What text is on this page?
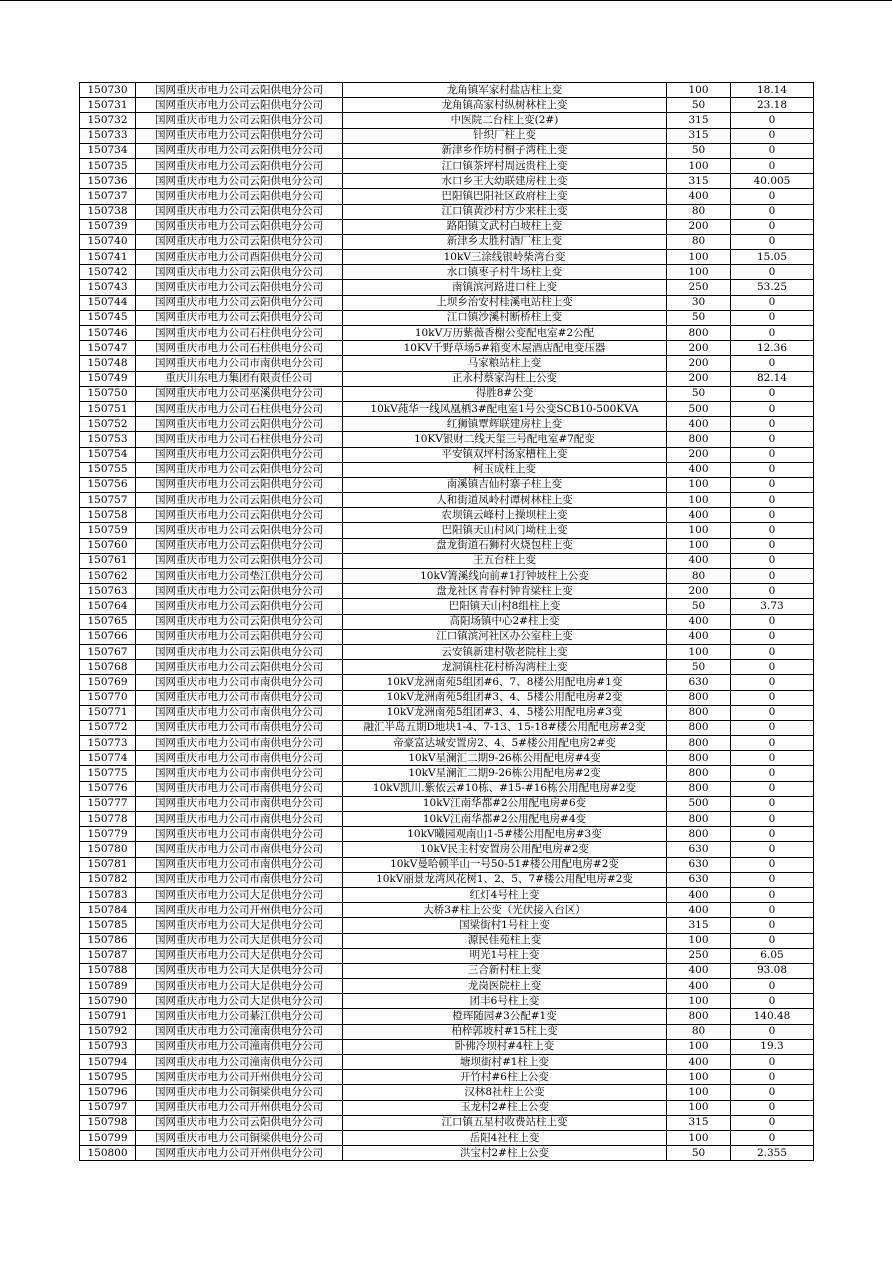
150730	国网重庆市电力公司云阳供电分公司	龙角镇军家村盐店柱上变	100	18.14
150731	国网重庆市电力公司云阳供电分公司	龙角镇高家村纵树林柱上变	50	23.18
150732	国网重庆市电力公司云阳供电分公司	中医院二台柱上变(2#)	315	0
150733	国网重庆市电力公司云阳供电分公司	针织厂柱上变	315	0
150734	国网重庆市电力公司云阳供电分公司	新津乡作坊村桐子湾柱上变	50	0
150735	国网重庆市电力公司云阳供电分公司	江口镇茶坪村周远贵柱上变	100	0
150736	国网重庆市电力公司云阳供电分公司	水口乡王大幼联建房柱上变	315	40.005
150737	国网重庆市电力公司云阳供电分公司	巴阳镇巴阳社区政府柱上变	400	0
150738	国网重庆市电力公司云阳供电分公司	江口镇黄沙村方少来柱上变	80	0
150739	国网重庆市电力公司云阳供电分公司	路阳镇文武村白坡柱上变	200	0
150740	国网重庆市电力公司云阳供电分公司	新津乡太胜村酒厂柱上变	80	0
150741	国网重庆市电力公司酉阳供电分公司	10kV三涂线银岭柴湾台变	100	15.05
150742	国网重庆市电力公司云阳供电分公司	水口镇枣子村牛场柱上变	100	0
150743	国网重庆市电力公司云阳供电分公司	南镇滨河路进口柱上变	250	53.25
150744	国网重庆市电力公司云阳供电分公司	上坝乡治安村桂溪电站柱上变	30	0
150745	国网重庆市电力公司云阳供电分公司	江口镇沙溪村断桥柱上变	50	0
150746	国网重庆市电力公司石柱供电分公司	10kV万历紫薇香榭公变配电室#2公配	800	0
150747	国网重庆市电力公司石柱供电分公司	10KV千野草场5#箱变木屋酒店配电变压器	200	12.36
150748	国网重庆市电力公司市南供电分公司	马家粮站柱上变	200	0
150749	重庆川东电力集团有限责任公司	正永村蔡家沟柱上公变	200	82.14
150750	国网重庆市电力公司巫溪供电分公司	得胜8#公变	50	0
150751	国网重庆市电力公司石柱供电分公司	10kV莼华一线风凰栖3#配电室1号公变SCB10-500KVA	500	0
150752	国网重庆市电力公司云阳供电分公司	红狮镇覃辉联建房柱上变	400	0
150753	国网重庆市电力公司石柱供电分公司	10KV银财二线天玺三号配电室#7配变	800	0
150754	国网重庆市电力公司云阳供电分公司	平安镇双坪村汤家槽柱上变	200	0
150755	国网重庆市电力公司云阳供电分公司	柯玉成柱上变	400	0
150756	国网重庆市电力公司云阳供电分公司	南溪镇吉仙村寨子柱上变	100	0
150757	国网重庆市电力公司云阳供电分公司	人和街道凤岭村谭树林柱上变	100	0
150758	国网重庆市电力公司云阳供电分公司	农坝镇云峰村上操坝柱上变	400	0
150759	国网重庆市电力公司云阳供电分公司	巴阳镇天山村风门坳柱上变	100	0
150760	国网重庆市电力公司云阳供电分公司	盘龙街道石狮村火烧包柱上变	100	0
150761	国网重庆市电力公司云阳供电分公司	王五台柱上变	400	0
150762	国网重庆市电力公司垫江供电分公司	10kV箐溪线向前#1打钟坡柱上公变	80	0
150763	国网重庆市电力公司云阳供电分公司	盘龙社区青春村钟肯梁柱上变	200	0
150764	国网重庆市电力公司云阳供电分公司	巴阳镇天山村8组柱上变	50	3.73
150765	国网重庆市电力公司云阳供电分公司	高阳场镇中心2#柱上变	400	0
150766	国网重庆市电力公司云阳供电分公司	江口镇滨河社区办公室柱上变	400	0
150767	国网重庆市电力公司云阳供电分公司	云安镇新建村敬老院柱上变	100	0
150768	国网重庆市电力公司云阳供电分公司	龙洞镇柱花村桥沟湾柱上变	50	0
150769	国网重庆市电力公司市南供电分公司	10kV龙洲南苑5组团#6、7、8楼公用配电房#1变	630	0
150770	国网重庆市电力公司市南供电分公司	10kV龙洲南苑5组团#3、4、5楼公用配电房#2变	800	0
150771	国网重庆市电力公司市南供电分公司	10kV龙洲南苑5组团#3、4、5楼公用配电房#3变	800	0
150772	国网重庆市电力公司市南供电分公司	融汇半岛五期D地块1-4、7-13、15-18#楼公用配电房#2变	800	0
150773	国网重庆市电力公司市南供电分公司	帝豪富达城安置房2、4、5#楼公用配电房2#变	800	0
150774	国网重庆市电力公司市南供电分公司	10kV星澜汇二期9-26栋公用配电房#4变	800	0
150775	国网重庆市电力公司市南供电分公司	10kV星澜汇二期9-26栋公用配电房#2变	800	0
150776	国网重庆市电力公司市南供电分公司	10kV凯川.紫依云#10栋、#15-#16栋公用配电房#2变	800	0
150777	国网重庆市电力公司市南供电分公司	10kV江南华都#2公用配电房#6变	500	0
150778	国网重庆市电力公司市南供电分公司	10kV江南华都#2公用配电房#4变	800	0
150779	国网重庆市电力公司市南供电分公司	10kV曦园观南山1-5#楼公用配电房#3变	800	0
150780	国网重庆市电力公司市南供电分公司	10kV民主村安置房公用配电房#2变	630	0
150781	国网重庆市电力公司市南供电分公司	10kV曼哈顿半山一号50-51#楼公用配电房#2变	630	0
150782	国网重庆市电力公司市南供电分公司	10kV丽景龙湾风花树1、2、5、7#楼公用配电房#2变	630	0
150783	国网重庆市电力公司大足供电分公司	红灯4号柱上变	400	0
150784	国网重庆市电力公司开州供电分公司	大桥3#柱上公变（光伏接入台区）	400	0
150785	国网重庆市电力公司大足供电分公司	国梁街村1号柱上变	315	0
150786	国网重庆市电力公司大足供电分公司	源民佳苑柱上变	100	0
150787	国网重庆市电力公司大足供电分公司	明光1号柱上变	250	6.05
150788	国网重庆市电力公司大足供电分公司	三合新村柱上变	400	93.08
150789	国网重庆市电力公司大足供电分公司	龙岗医院柱上变	400	0
150790	国网重庆市电力公司大足供电分公司	团丰6号柱上变	100	0
150791	国网重庆市电力公司綦江供电分公司	橙珲随园#3公配#1变	800	140.48
150792	国网重庆市电力公司潼南供电分公司	柏梓郭坡村#15柱上变	80	0
150793	国网重庆市电力公司潼南供电分公司	卧佛冷坝村#4柱上变	100	19.3
150794	国网重庆市电力公司潼南供电分公司	塘坝街村#1柱上变	400	0
150795	国网重庆市电力公司开州供电分公司	开竹村#6柱上公变	100	0
150796	国网重庆市电力公司铜梁供电分公司	汉林8社柱上公变	100	0
150797	国网重庆市电力公司开州供电分公司	玉龙村2#柱上公变	100	0
150798	国网重庆市电力公司云阳供电分公司	江口镇五星村收费站柱上变	315	0
150799	国网重庆市电力公司铜梁供电分公司	岳阳4社柱上变	100	0
150800	国网重庆市电力公司开州供电分公司	洪宝村2#柱上公变	50	2.355
